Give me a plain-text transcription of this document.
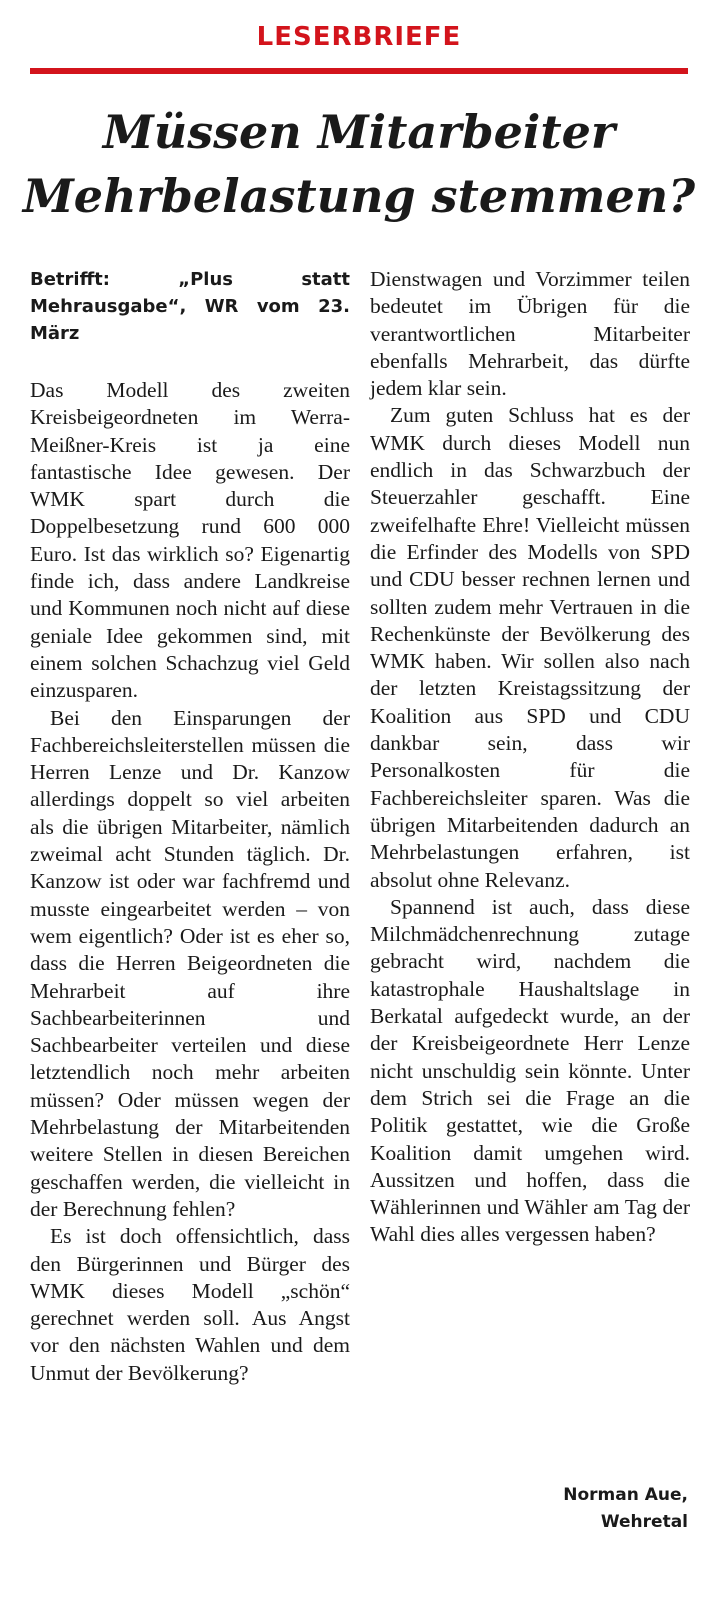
LESERBRIEFE
Müssen Mitarbeiter
Mehrbelastung stemmen?

Betrifft: „Plus statt Mehrausgabe“, WR vom 23. März

Das Modell des zweiten Kreisbeigeordneten im Werra-Meißner-Kreis ist ja eine fantastische Idee gewesen. Der WMK spart durch die Doppelbesetzung rund 600 000 Euro. Ist das wirklich so? Eigenartig finde ich, dass andere Landkreise und Kommunen noch nicht auf diese geniale Idee gekommen sind, mit einem solchen Schachzug viel Geld einzusparen.

Bei den Einsparungen der Fachbereichsleiterstellen müssen die Herren Lenze und Dr. Kanzow allerdings doppelt so viel arbeiten als die übrigen Mitarbeiter, nämlich zweimal acht Stunden täglich. Dr. Kanzow ist oder war fachfremd und musste eingearbeitet werden – von wem eigentlich? Oder ist es eher so, dass die Herren Beigeordneten die Mehrarbeit auf ihre Sachbearbeiterinnen und Sachbearbeiter verteilen und diese letztendlich noch mehr arbeiten müssen? Oder müssen wegen der Mehrbelastung der Mitarbeitenden weitere Stellen in diesen Bereichen geschaffen werden, die vielleicht in der Berechnung fehlen?

Es ist doch offensichtlich, dass den Bürgerinnen und Bürger des WMK dieses Modell „schön“ gerechnet werden soll. Aus Angst vor den nächsten Wahlen und dem Unmut der Bevölkerung?

Dienstwagen und Vorzimmer teilen bedeutet im Übrigen für die verantwortlichen Mitarbeiter ebenfalls Mehrarbeit, das dürfte jedem klar sein.

Zum guten Schluss hat es der WMK durch dieses Modell nun endlich in das Schwarzbuch der Steuerzahler geschafft. Eine zweifelhafte Ehre! Vielleicht müssen die Erfinder des Modells von SPD und CDU besser rechnen lernen und sollten zudem mehr Vertrauen in die Rechenkünste der Bevölkerung des WMK haben. Wir sollen also nach der letzten Kreistagssitzung der Koalition aus SPD und CDU dankbar sein, dass wir Personalkosten für die Fachbereichsleiter sparen. Was die übrigen Mitarbeitenden dadurch an Mehrbelastungen erfahren, ist absolut ohne Relevanz.

Spannend ist auch, dass diese Milchmädchenrechnung zutage gebracht wird, nachdem die katastrophale Haushaltslage in Berkatal aufgedeckt wurde, an der der Kreisbeigeordnete Herr Lenze nicht unschuldig sein könnte. Unter dem Strich sei die Frage an die Politik gestattet, wie die Große Koalition damit umgehen wird. Aussitzen und hoffen, dass die Wählerinnen und Wähler am Tag der Wahl dies alles vergessen haben?

Norman Aue,
Wehretal
